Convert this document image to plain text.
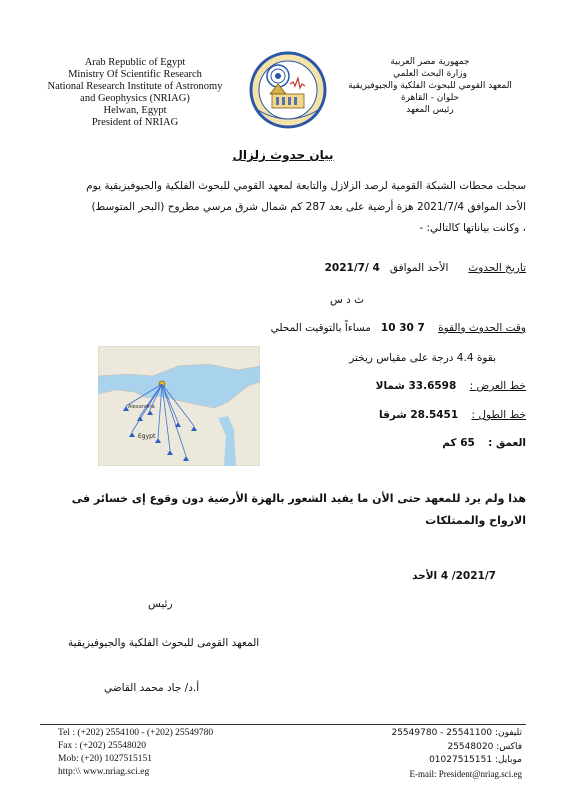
Arab Republic of Egypt
Ministry Of Scientific Research
National Research Institute of Astronomy
and Geophysics (NRIAG)
Helwan, Egypt
President of NRIAG
جمهورية مصر العربية
وزارة البحث العلمي
المعهد القومي للبحوث الفلكية والجيوفيزيقية
حلوان - القاهرة
رئيس المعهد
بيان حدوث زلزال
سجلت محطات الشبكة القومية لرصد الزلازل والتابعة لمعهد القومي للبحوث الفلكية والجيوفيزيقية يوم
الأحد الموافق 2021/7/4 هزة أرضية على بعد 287 كم شمال شرق مرسي مطروح (البحر المتوسط)
، وكانت بياناتها كالتالي: -
تاريخ الحدوث      الأحد الموافق   2021/7/ 4
ث د س
وقت الحدوث والقوة    10 30 7   مساءاً بالتوقيت المحلي
بقوة 4.4 درجة على مقياس ريختر
خط العرض :    33.6598 شمالا
خط الطول :    28.5451 شرقا
العمق :    65 كم
Alexandria
Egypt
هذا ولم يرد للمعهد حتى الأن ما يفيد الشعور بالهزة الأرضية دون وقوع إى خسائر فى الارواح والممتلكات
2021/7/ 4 الأحد
رئيس
المعهد القومى للبحوث الفلكية والجيوفيزيقية
أ.د/ جاد محمد القاضي
Tel : (+202) 2554100 - (+202) 25549780
Fax : (+202) 25548020
Mob: (+20) 1027515151
http:\\ www.nriag.sci.eg
تليفون: 25541100 - 25549780
فاكس: 25548020
موبايل: 01027515151
E-mail: President@nriag.sci.eg
